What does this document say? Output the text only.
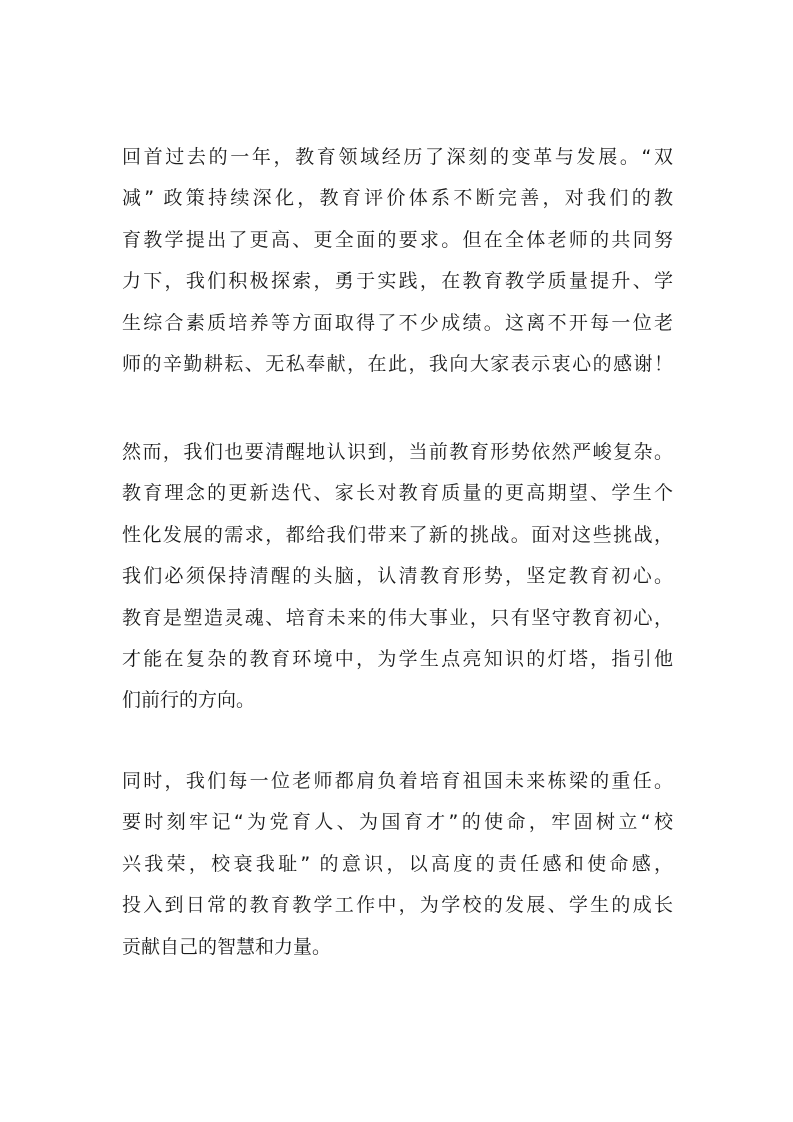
回首过去的一年，教育领域经历了深刻的变革与发展。“双
减” 政策持续深化，教育评价体系不断完善，对我们的教
育教学提出了更高、更全面的要求。但在全体老师的共同努
力下，我们积极探索，勇于实践，在教育教学质量提升、学
生综合素质培养等方面取得了不少成绩。这离不开每一位老
师的辛勤耕耘、无私奉献，在此，我向大家表示衷心的感谢！
然而，我们也要清醒地认识到，当前教育形势依然严峻复杂。
教育理念的更新迭代、家长对教育质量的更高期望、学生个
性化发展的需求，都给我们带来了新的挑战。面对这些挑战，
我们必须保持清醒的头脑，认清教育形势，坚定教育初心。
教育是塑造灵魂、培育未来的伟大事业，只有坚守教育初心，
才能在复杂的教育环境中，为学生点亮知识的灯塔，指引他
们前行的方向。
同时，我们每一位老师都肩负着培育祖国未来栋梁的重任。
要时刻牢记“为党育人、为国育才”的使命，牢固树立“校
兴我荣，校衰我耻” 的意识，以高度的责任感和使命感，
投入到日常的教育教学工作中，为学校的发展、学生的成长
贡献自己的智慧和力量。
